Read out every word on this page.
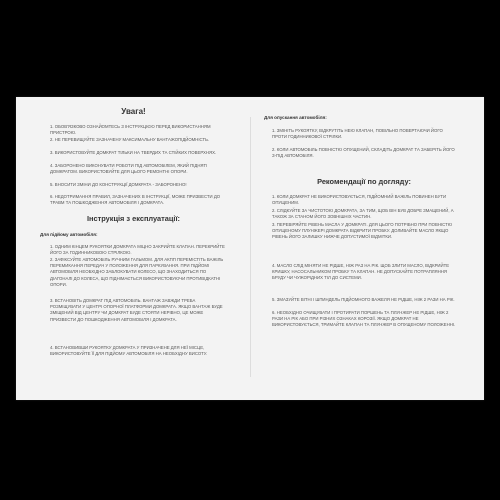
Увага!

1. ОБОВ'ЯЗКОВО ОЗНАЙОМТЕСЬ З ІНСТРУКЦІЄЮ ПЕРЕД ВИКОРИСТАННЯМ ПРИСТРОЮ.

2. НЕ ПЕРЕВИЩУЙТЕ ЗАЗНАЧЕНУ МАКСИМАЛЬНУ ВАНТАЖОПІДЙОМНІСТЬ.

3. ВИКОРИСТОВУЙТЕ ДОМКРАТ ТІЛЬКИ НА ТВЕРДИХ ТА СТІЙКИХ ПОВЕРХНЯХ.

4. ЗАБОРОНЕНО ВИКОНУВАТИ РОБОТИ ПІД АВТОМОБІЛЕМ, ЯКИЙ ПІДНЯТІ ДОМКРАТОМ. ВИКОРИСТОВУЙТЕ ДЛЯ ЦЬОГО РЕМОНТНІ ОПОРИ.

5. ВНОСИТИ ЗМІНИ ДО КОНСТРУКЦІЇ ДОМКРАТА - ЗАБОРОНЕНО!

6. НЕДОТРИМАННЯ ПРАВИЛ, ЗАЗНАЧЕНИХ В ІНСТРУКЦІЇ, МОЖЕ ПРИЗВЕСТИ ДО ТРАВМ ТА ПОШКОДЖЕННЯ АВТОМОБІЛЯ І ДОМКРАТА.

Інструкція з експлуатації:

Для підйому автомобіля:

1. ОДНИМ КІНЦЕМ РУКОЯТКИ ДОМКРАТА МІЦНО ЗАКРИЙТЕ КЛАПАН. ПЕРЕКРИЙТЕ ЙОГО ЗА ГОДИННИКОВОЮ СТРІЛКОЮ.

2. ЗАФІКСУЙТЕ АВТОМОБІЛЬ РУЧНИМ ГАЛЬМОМ. ДЛЯ АКПП ПЕРЕМІСТІТЬ ВАЖІЛЬ ПЕРЕМИКАННЯ ПЕРЕДАЧ У ПОЛОЖЕННЯ ДЛЯ ПАРКУВАННЯ. ПРИ ПІДЙОМІ АВТОМОБІЛЯ НЕОБХІДНО ЗАБЛОКУВАТИ КОЛЕСО, ЩО ЗНАХОДИТЬСЯ ПО ДІАГОНАЛІ ДО КОЛЕСА, ЩО ПІДНІМАЄТЬСЯ ВИКОРИСТОВУЮЧИ ПРОТИВІДКАТНІ ОПОРИ.

3. ВСТАНОВІТЬ ДОМКРАТ ПІД АВТОМОБІЛЬ. ВАНТАЖ ЗАВЖДИ ТРЕБА РОЗМІЩУВАТИ У ЦЕНТРІ ОПОРНОЇ ПЛАТФОРМИ ДОМКРАТА. ЯКЩО ВАНТАЖ БУДЕ ЗМІЩЕНИЙ ВІД ЦЕНТРУ ЧИ ДОМКРАТ БУДЕ СТОЯТИ НЕРІВНО, ЦЕ МОЖЕ ПРИЗВЕСТИ ДО ПОШКОДЖЕННЯ АВТОМОБІЛЯ І ДОМКРАТА.

4. ВСТАНОВИВШИ РУКОЯТКУ ДОМКРАТА У ПРИЗНАЧЕНЕ ДЛЯ НЕЇ МІСЦЕ, ВИКОРИСТОВУЙТЕ ЇЇ ДЛЯ ПІДЙОМУ АВТОМОБІЛЯ НА НЕОБХІДНУ ВИСОТУ.

Для опускання автомобіля:

1. ЗМІНІТЬ РУКОЯТКУ, ВІДКРУТІТЬ НЕЮ КЛАПАН, ПОВІЛЬНО ПОВЕРТАЮЧИ ЙОГО ПРОТИ ГОДИННИКОВОЇ СТРІЛКИ.

2. КОЛИ АВТОМОБІЛЬ ПОВНІСТЮ ОПУЩЕНИЙ, СКЛАДІТЬ ДОМКРАТ ТА ЗАБЕРІТЬ ЙОГО З-ПІД АВТОМОБІЛЯ.

Рекомендації по догляду:

1. КОЛИ ДОМКРАТ НЕ ВИКОРИСТОВУЄТЬСЯ, ПІДЙОМНИЙ ВАЖІЛЬ ПОВИНЕН БУТИ ОПУЩЕНИМ.

2. СЛІДКУЙТЕ ЗА ЧИСТОТОЮ ДОМКРАТА, ЗА ТИМ, ЩОБ ВІН БУВ ДОБРЕ ЗМАЩЕНИЙ, А ТАКОЖ ЗА СТАНОМ ЙОГО ЗОВНІШНІХ ЧАСТИН.

3. ПЕРЕВІРЯЙТЕ РІВЕНЬ МАСЛА У ДОМКРАТІ. ДЛЯ ЦЬОГО ПОТРІБНО ПРИ ПОВНІСТЮ ОПУЩЕНОМУ ПЛУНЖЕРІ ДОМКРАТА ВІДКРИТИ ПРОБКУ. ДОЛИВАЙТЕ МАСЛО ЯКЩО РІВЕНЬ ЙОГО ЗАЛИШКУ НИЖЧЕ ДОПУСТИМОЇ ВІДМІТКИ.

4. МАСЛО СЛІД МІНЯТИ НЕ РІДШЕ, НІЖ РАЗ НА РІК. ЩОБ ЗЛИТИ МАСЛО, ВІДКРИЙТЕ КРИШКУ, НАСОСАЛЬНИКОМ ПРОБКУ ТА КЛАПАН. НЕ ДОПУСКАЙТЕ ПОТРАПЛЯННЯ БРУДУ ЧИ ЧУЖОРІДНИХ ТІЛ ДО СИСТЕМИ.

5. ЗМАЗУЙТЕ ВІТНІ І ШПИНДЕЛЬ ПІДЙОМНОГО ВАЖЕЛЯ НЕ РІДШЕ, НІЖ 2 РАЗИ НА РІК.

6. НЕОБХІДНО ОЧИЩУВАТИ І ПРОТИРАТИ ПОРШЕНЬ ТА ПЛУНЖЕР НЕ РІДШЕ, НІЖ 2 РАЗИ НА РІК АБО ПРИ РІЗНИХ ОЗНАКАХ КОРОЗІЇ. ЯКЩО ДОМКРАТ НЕ ВИКОРИСТОВУЄТЬСЯ, ТРИМАЙТЕ КЛАПАН ТА ПЛУНЖЕР В ОПУЩЕНОМУ ПОЛОЖЕННІ.
